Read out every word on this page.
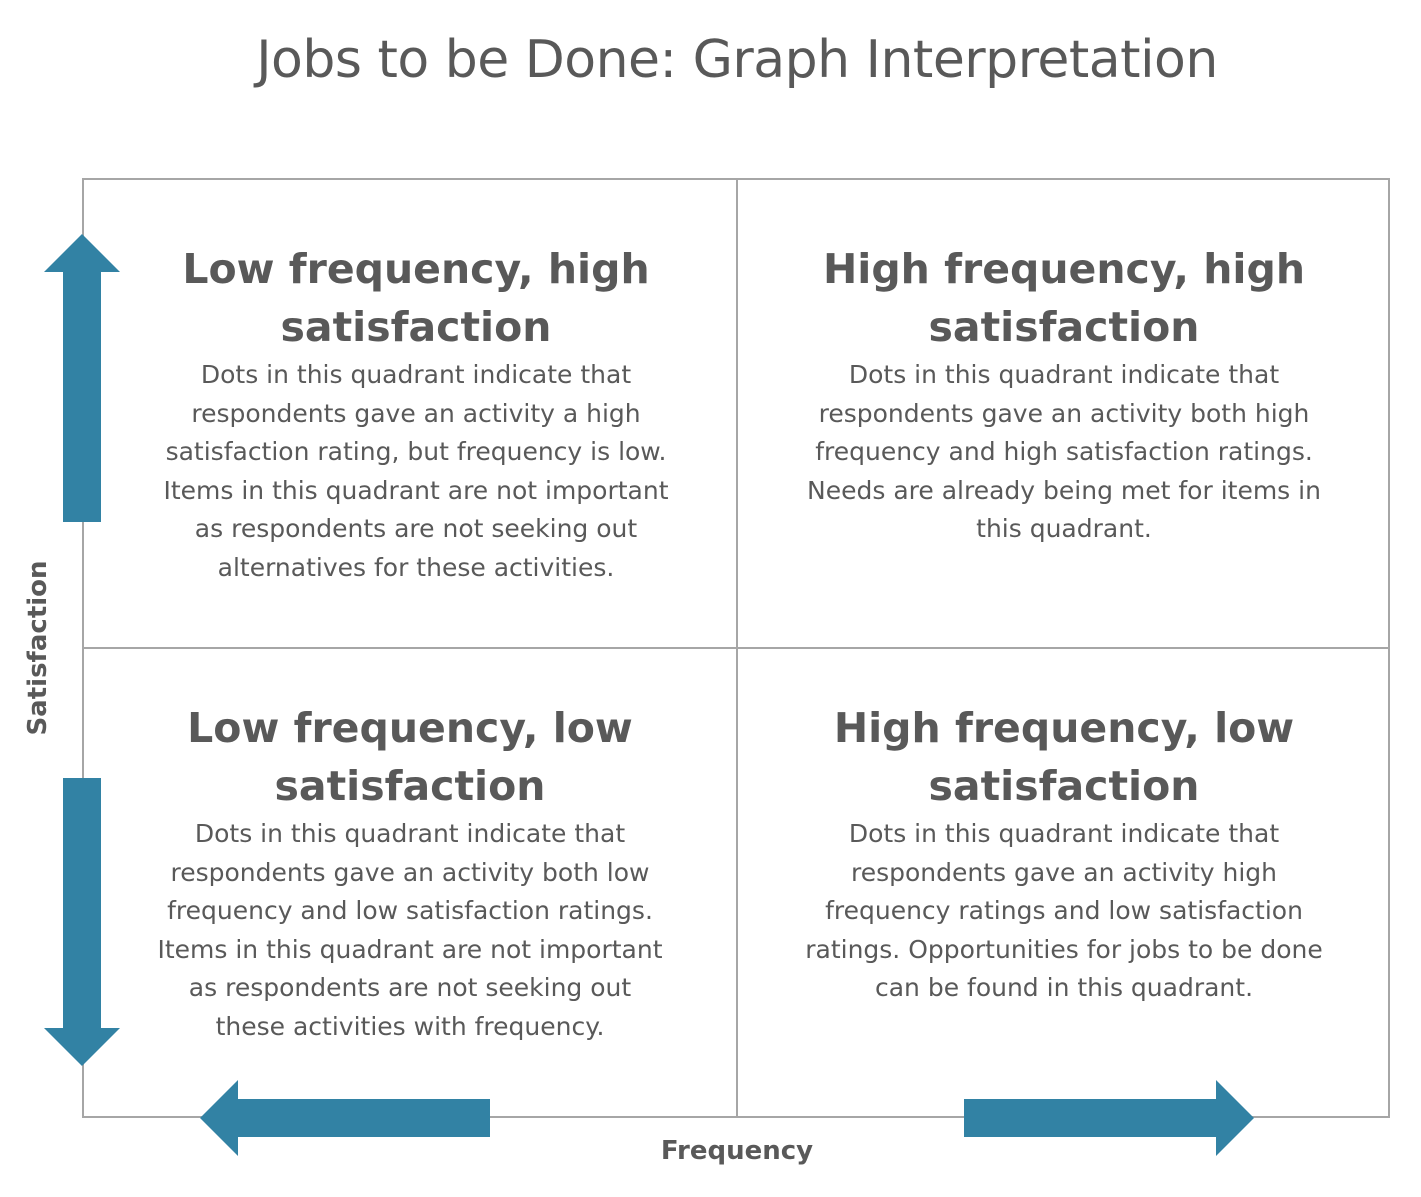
Jobs to be Done: Graph Interpretation
Low frequency, high
satisfaction

Dots in this quadrant indicate that
respondents gave an activity a high
satisfaction rating, but frequency is low.
Items in this quadrant are not important
as respondents are not seeking out
alternatives for these activities.

High frequency, high
satisfaction

Dots in this quadrant indicate that
respondents gave an activity both high
frequency and high satisfaction ratings.
Needs are already being met for items in
this quadrant.

Low frequency, low
satisfaction

Dots in this quadrant indicate that
respondents gave an activity both low
frequency and low satisfaction ratings.
Items in this quadrant are not important
as respondents are not seeking out
these activities with frequency.

High frequency, low
satisfaction

Dots in this quadrant indicate that
respondents gave an activity high
frequency ratings and low satisfaction
ratings. Opportunities for jobs to be done
can be found in this quadrant.

Frequency
Satisfaction
